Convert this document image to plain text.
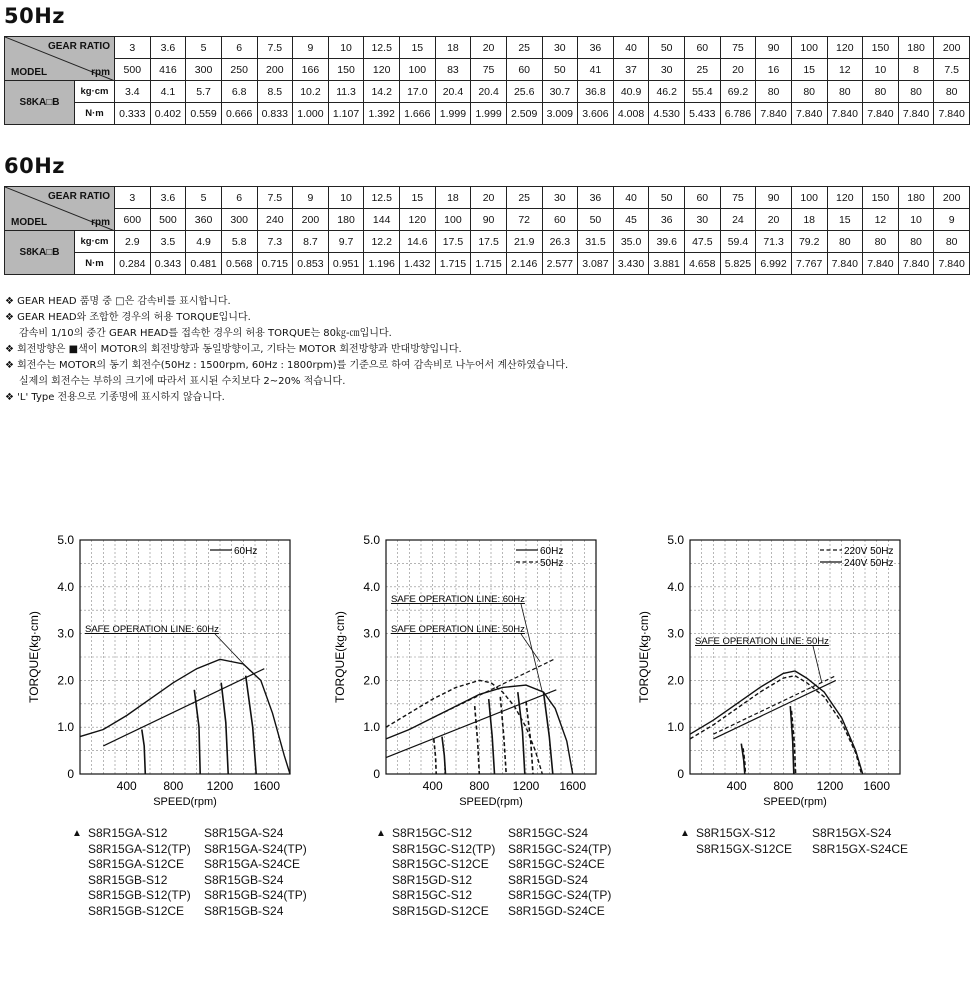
50Hz
GEAR RATIO
MODEL rpm		3	3.6	5	6	7.5	9	10	12.5	15	18	20	25	30	36	40	50	60	75	90	100	120	150	180	200
		500	416	300	250	200	166	150	120	100	83	75	60	50	41	37	30	25	20	16	15	12	10	8	7.5
S8KA□B	kg·cm	3.4	4.1	5.7	6.8	8.5	10.2	11.3	14.2	17.0	20.4	20.4	25.6	30.7	36.8	40.9	46.2	55.4	69.2	80	80	80	80	80	80
	N·m	0.333	0.402	0.559	0.666	0.833	1.000	1.107	1.392	1.666	1.999	1.999	2.509	3.009	3.606	4.008	4.530	5.433	6.786	7.840	7.840	7.840	7.840	7.840	7.840
60Hz
GEAR RATIO
MODEL rpm		3	3.6	5	6	7.5	9	10	12.5	15	18	20	25	30	36	40	50	60	75	90	100	120	150	180	200
		600	500	360	300	240	200	180	144	120	100	90	72	60	50	45	36	30	24	20	18	15	12	10	9
S8KA□B	kg·cm	2.9	3.5	4.9	5.8	7.3	8.7	9.7	12.2	14.6	17.5	17.5	21.9	26.3	31.5	35.0	39.6	47.5	59.4	71.3	79.2	80	80	80	80
	N·m	0.284	0.343	0.481	0.568	0.715	0.853	0.951	1.196	1.432	1.715	1.715	2.146	2.577	3.087	3.430	3.881	4.658	5.825	6.992	7.767	7.840	7.840	7.840	7.840
❖ GEAR HEAD 품명 중 □은 감속비를 표시합니다.
❖ GEAR HEAD와 조합한 경우의 허용 TORQUE입니다.
감속비 1/10의 중간 GEAR HEAD를 접속한 경우의 허용 TORQUE는 80㎏-㎝입니다.
❖ 회전방향은 ■색이 MOTOR의 회전방향과 동일방향이고, 기타는 MOTOR 회전방향과 반대방향입니다.
❖ 회전수는 MOTOR의 동기 회전수(50Hz : 1500rpm, 60Hz : 1800rpm)를 기준으로 하여 감속비로 나누어서 계산하였습니다.
실제의 회전수는 부하의 크기에 따라서 표시된 수치보다 2~20% 적습니다.
❖ 'L' Type 전용으로 기종명에 표시하지 않습니다.
0
1.0
2.0
3.0
4.0
5.0
400 800 1200 1600
SPEED(rpm)
TORQUE(kg·cm)
60Hz
SAFE OPERATION LINE: 60Hz
0
1.0
2.0
3.0
4.0
5.0
400 800 1200 1600
SPEED(rpm)
TORQUE(kg·cm)
60Hz
50Hz
SAFE OPERATION LINE: 60Hz
SAFE OPERATION LINE: 50Hz
0
1.0
2.0
3.0
4.0
5.0
400 800 1200 1600
SPEED(rpm)
TORQUE(kg·cm)
220V 50Hz
240V 50Hz
SAFE OPERATION LINE: 50Hz
▲ S8R15GA-S12
S8R15GA-S12(TP)
S8R15GA-S12CE
S8R15GB-S12
S8R15GB-S12(TP)
S8R15GB-S12CE
S8R15GA-S24
S8R15GA-S24(TP)
S8R15GA-S24CE
S8R15GB-S24
S8R15GB-S24(TP)
S8R15GB-S24
▲ S8R15GC-S12
S8R15GC-S12(TP)
S8R15GC-S12CE
S8R15GD-S12
S8R15GC-S12
S8R15GD-S12CE
S8R15GC-S24
S8R15GC-S24(TP)
S8R15GC-S24CE
S8R15GD-S24
S8R15GC-S24(TP)
S8R15GD-S24CE
▲ S8R15GX-S12
S8R15GX-S12CE
S8R15GX-S24
S8R15GX-S24CE
